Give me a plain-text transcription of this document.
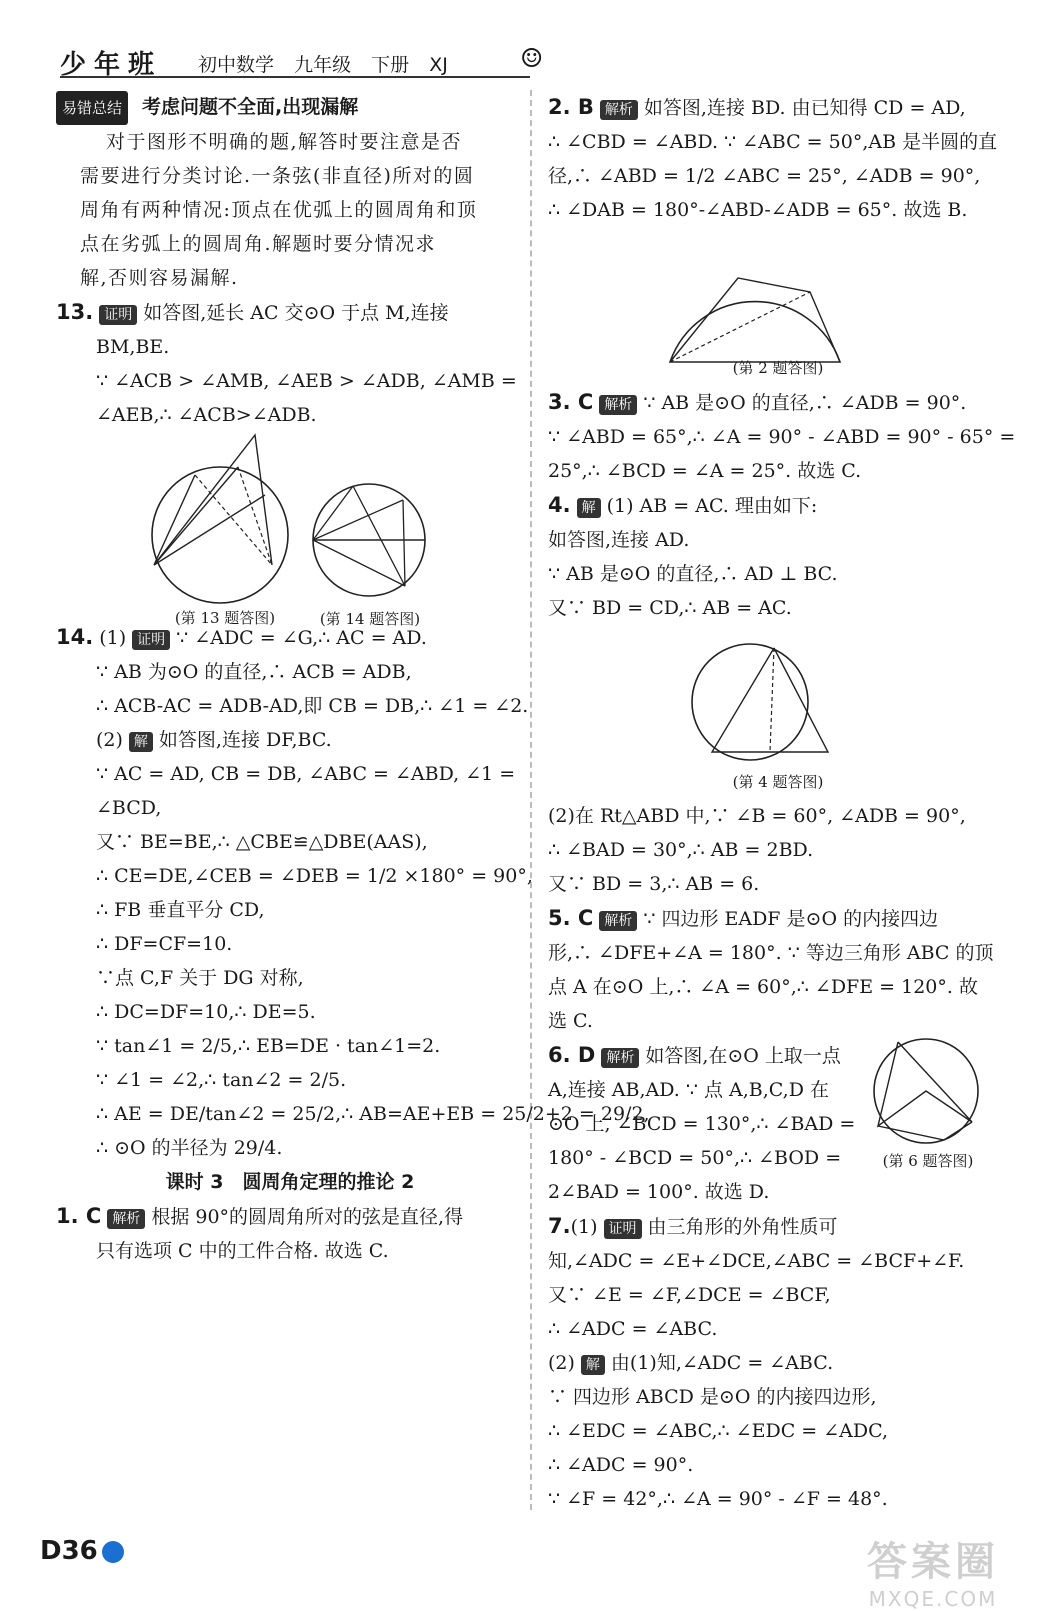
少年班 初中数学 九年级 下册 XJ	☺

易错总结 考虑问题不全面,出现漏解

对于图形不明确的题,解答时要注意是否

需要进行分类讨论.一条弦(非直径)所对的圆

周角有两种情况:顶点在优弧上的圆周角和顶

点在劣弧上的圆周角.解题时要分情况求

解,否则容易漏解.

13. 证明 如答图,延长 AC 交⊙O 于点 M,连接

BM,BE.

∵ ∠ACB > ∠AMB, ∠AEB > ∠ADB, ∠AMB =

∠AEB,∴ ∠ACB>∠ADB.

14. (1) 证明 ∵ ∠ADC = ∠G,∴ AC = AD.

∵ AB 为⊙O 的直径,∴ ACB = ADB,

∴ ACB-AC = ADB-AD,即 CB = DB,∴ ∠1 = ∠2.

(2) 解 如答图,连接 DF,BC.

∵ AC = AD, CB = DB, ∠ABC = ∠ABD, ∠1 =

∠BCD,

又∵ BE=BE,∴ △CBE≌△DBE(AAS),

∴ CE=DE,∠CEB = ∠DEB = 1/2 ×180° = 90°,

∴ FB 垂直平分 CD,

∴ DF=CF=10.

∵点 C,F 关于 DG 对称,

∴ DC=DF=10,∴ DE=5.

∵ tan∠1 = 2/5,∴ EB=DE · tan∠1=2.

∵ ∠1 = ∠2,∴ tan∠2 = 2/5.

∴ AE = DE/tan∠2 = 25/2,∴ AB=AE+EB = 25/2+2 = 29/2,

∴ ⊙O 的半径为 29/4.

课时 3　圆周角定理的推论 2

1. C 解析 根据 90°的圆周角所对的弦是直径,得

只有选项 C 中的工件合格. 故选 C.

(第 13 题答图)	(第 14 题答图)

2. B 解析 如答图,连接 BD. 由已知得 CD = AD,

∴ ∠CBD = ∠ABD. ∵ ∠ABC = 50°,AB 是半圆的直

径,∴ ∠ABD = 1/2 ∠ABC = 25°, ∠ADB = 90°,

∴ ∠DAB = 180°-∠ABD-∠ADB = 65°. 故选 B.

(第 2 题答图)

3. C 解析 ∵ AB 是⊙O 的直径,∴ ∠ADB = 90°.

∵ ∠ABD = 65°,∴ ∠A = 90° - ∠ABD = 90° - 65° =

25°,∴ ∠BCD = ∠A = 25°. 故选 C.

4. 解 (1) AB = AC. 理由如下:

如答图,连接 AD.

∵ AB 是⊙O 的直径,∴ AD ⊥ BC.

又∵ BD = CD,∴ AB = AC.

(第 4 题答图)

(2)在 Rt△ABD 中,∵ ∠B = 60°, ∠ADB = 90°,

∴ ∠BAD = 30°,∴ AB = 2BD.

又∵ BD = 3,∴ AB = 6.

5. C 解析 ∵ 四边形 EADF 是⊙O 的内接四边

形,∴ ∠DFE+∠A = 180°. ∵ 等边三角形 ABC 的顶

点 A 在⊙O 上,∴ ∠A = 60°,∴ ∠DFE = 120°. 故

选 C.

6. D 解析 如答图,在⊙O 上取一点

A,连接 AB,AD. ∵ 点 A,B,C,D 在

⊙O 上, ∠BCD = 130°,∴ ∠BAD =

180° - ∠BCD = 50°,∴ ∠BOD =

2∠BAD = 100°. 故选 D.

7.(1) 证明 由三角形的外角性质可

知,∠ADC = ∠E+∠DCE,∠ABC = ∠BCF+∠F.

又∵ ∠E = ∠F,∠DCE = ∠BCF,

∴ ∠ADC = ∠ABC.

(2) 解 由(1)知,∠ADC = ∠ABC.

∵ 四边形 ABCD 是⊙O 的内接四边形,

∴ ∠EDC = ∠ABC,∴ ∠EDC = ∠ADC,

∴ ∠ADC = 90°.

∵ ∠F = 42°,∴ ∠A = 90° - ∠F = 48°.

(第 6 题答图)
D36	答案圈
MXQE.COM
